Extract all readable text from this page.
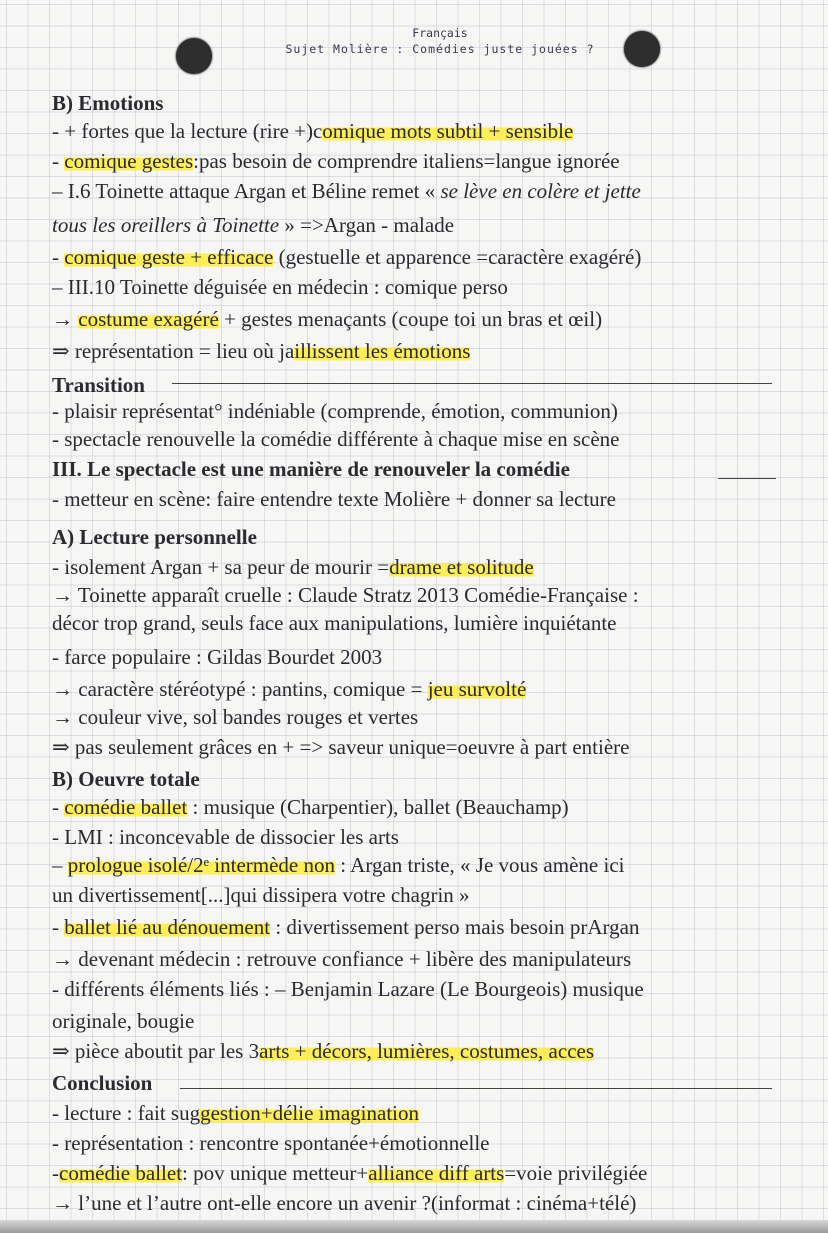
Français
Sujet Molière : Comédies juste jouées ?
B) Emotions
- + fortes que la lecture (rire +)comique mots subtil + sensible
- comique gestes:pas besoin de comprendre italiens=langue ignorée
– I.6 Toinette attaque Argan et Béline remet « se lève en colère et jette
tous les oreillers à Toinette » =>Argan - malade
- comique geste + efficace (gestuelle et apparence =caractère exagéré)
– III.10 Toinette déguisée en médecin : comique perso
→ costume exagéré + gestes menaçants (coupe toi un bras et œil)
⇒ représentation = lieu où jaillissent les émotions
Transition
- plaisir représentat° indéniable (comprende, émotion, communion)
- spectacle renouvelle la comédie différente à chaque mise en scène
III. Le spectacle est une manière de renouveler la comédie
- metteur en scène: faire entendre texte Molière + donner sa lecture
A) Lecture personnelle
- isolement Argan + sa peur de mourir =drame et solitude
→ Toinette apparaît cruelle : Claude Stratz 2013 Comédie-Française :
décor trop grand, seuls face aux manipulations, lumière inquiétante
- farce populaire : Gildas Bourdet 2003
→ caractère stéréotypé : pantins, comique = jeu survolté
→ couleur vive, sol bandes rouges et vertes
⇒ pas seulement grâces en + => saveur unique=oeuvre à part entière
B) Oeuvre totale
- comédie ballet : musique (Charpentier), ballet (Beauchamp)
- LMI : inconcevable de dissocier les arts
– prologue isolé/2ᵉ intermède non : Argan triste, « Je vous amène ici
un divertissement[...]qui dissipera votre chagrin »
- ballet lié au dénouement : divertissement perso mais besoin prArgan
→ devenant médecin : retrouve confiance + libère des manipulateurs
- différents éléments liés : – Benjamin Lazare (Le Bourgeois) musique
originale, bougie
⇒ pièce aboutit par les 3arts + décors, lumières, costumes, acces
Conclusion
- lecture : fait suggestion+délie imagination
- représentation : rencontre spontanée+émotionnelle
-comédie ballet: pov unique metteur+alliance diff arts=voie privilégiée
→ l’une et l’autre ont-elle encore un avenir ?(informat : cinéma+télé)
